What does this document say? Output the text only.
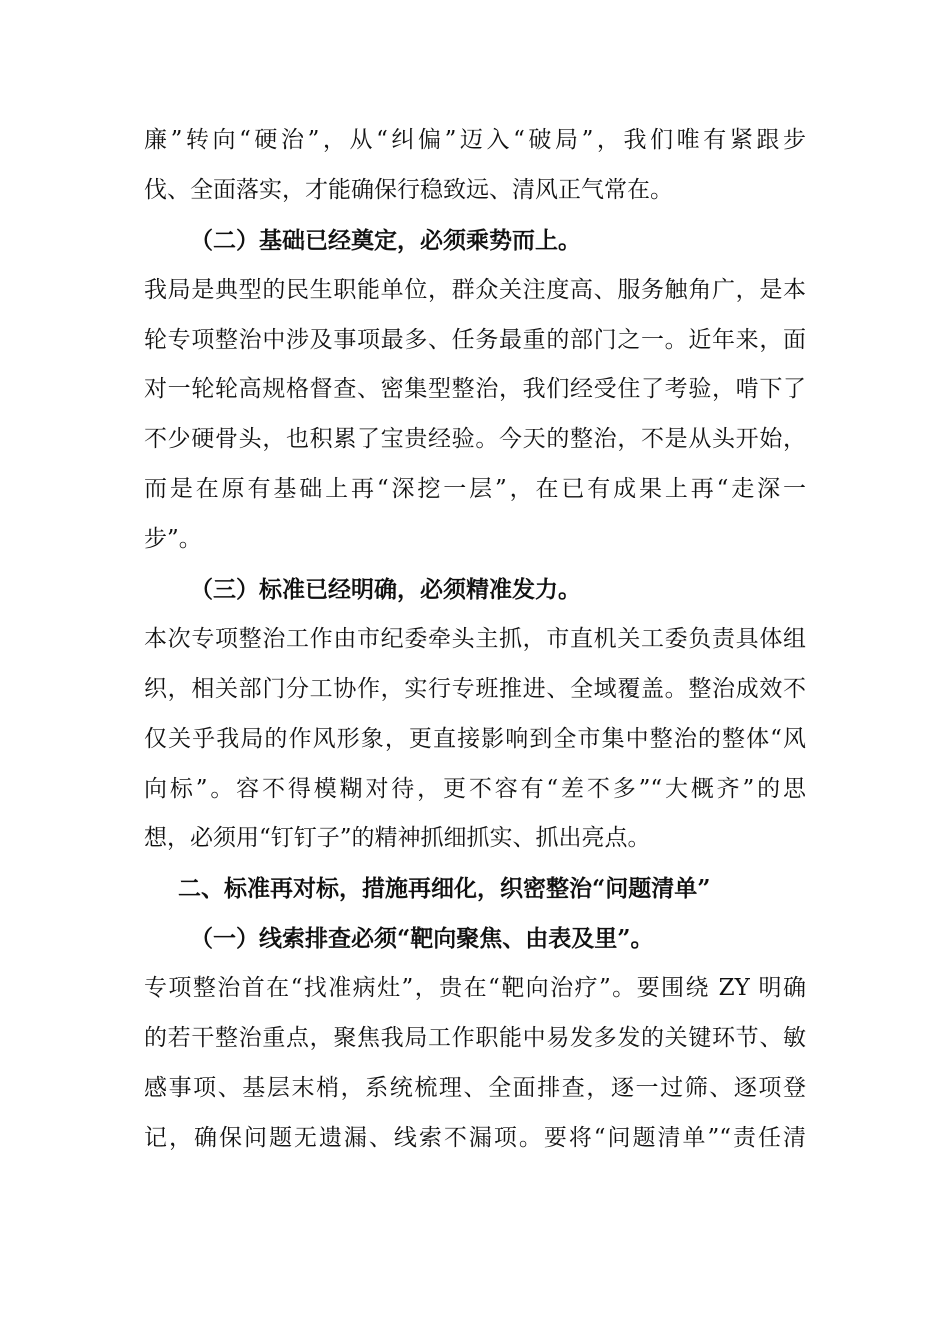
廉”转向“硬治”，从“纠偏”迈入“破局”，我们唯有紧跟步
伐、全面落实，才能确保行稳致远、清风正气常在。
（二）基础已经奠定，必须乘势而上。
我局是典型的民生职能单位，群众关注度高、服务触角广，是本
轮专项整治中涉及事项最多、任务最重的部门之一。近年来，面
对一轮轮高规格督查、密集型整治，我们经受住了考验，啃下了
不少硬骨头，也积累了宝贵经验。今天的整治，不是从头开始，
而是在原有基础上再“深挖一层”，在已有成果上再“走深一
步”。
（三）标准已经明确，必须精准发力。
本次专项整治工作由市纪委牵头主抓，市直机关工委负责具体组
织，相关部门分工协作，实行专班推进、全域覆盖。整治成效不
仅关乎我局的作风形象，更直接影响到全市集中整治的整体“风
向标”。容不得模糊对待，更不容有“差不多”“大概齐”的思
想，必须用“钉钉子”的精神抓细抓实、抓出亮点。
二、标准再对标，措施再细化，织密整治“问题清单”
（一）线索排查必须“靶向聚焦、由表及里”。
专项整治首在“找准病灶”，贵在“靶向治疗”。要围绕 ZY 明确
的若干整治重点，聚焦我局工作职能中易发多发的关键环节、敏
感事项、基层末梢，系统梳理、全面排查，逐一过筛、逐项登
记，确保问题无遗漏、线索不漏项。要将“问题清单”“责任清
